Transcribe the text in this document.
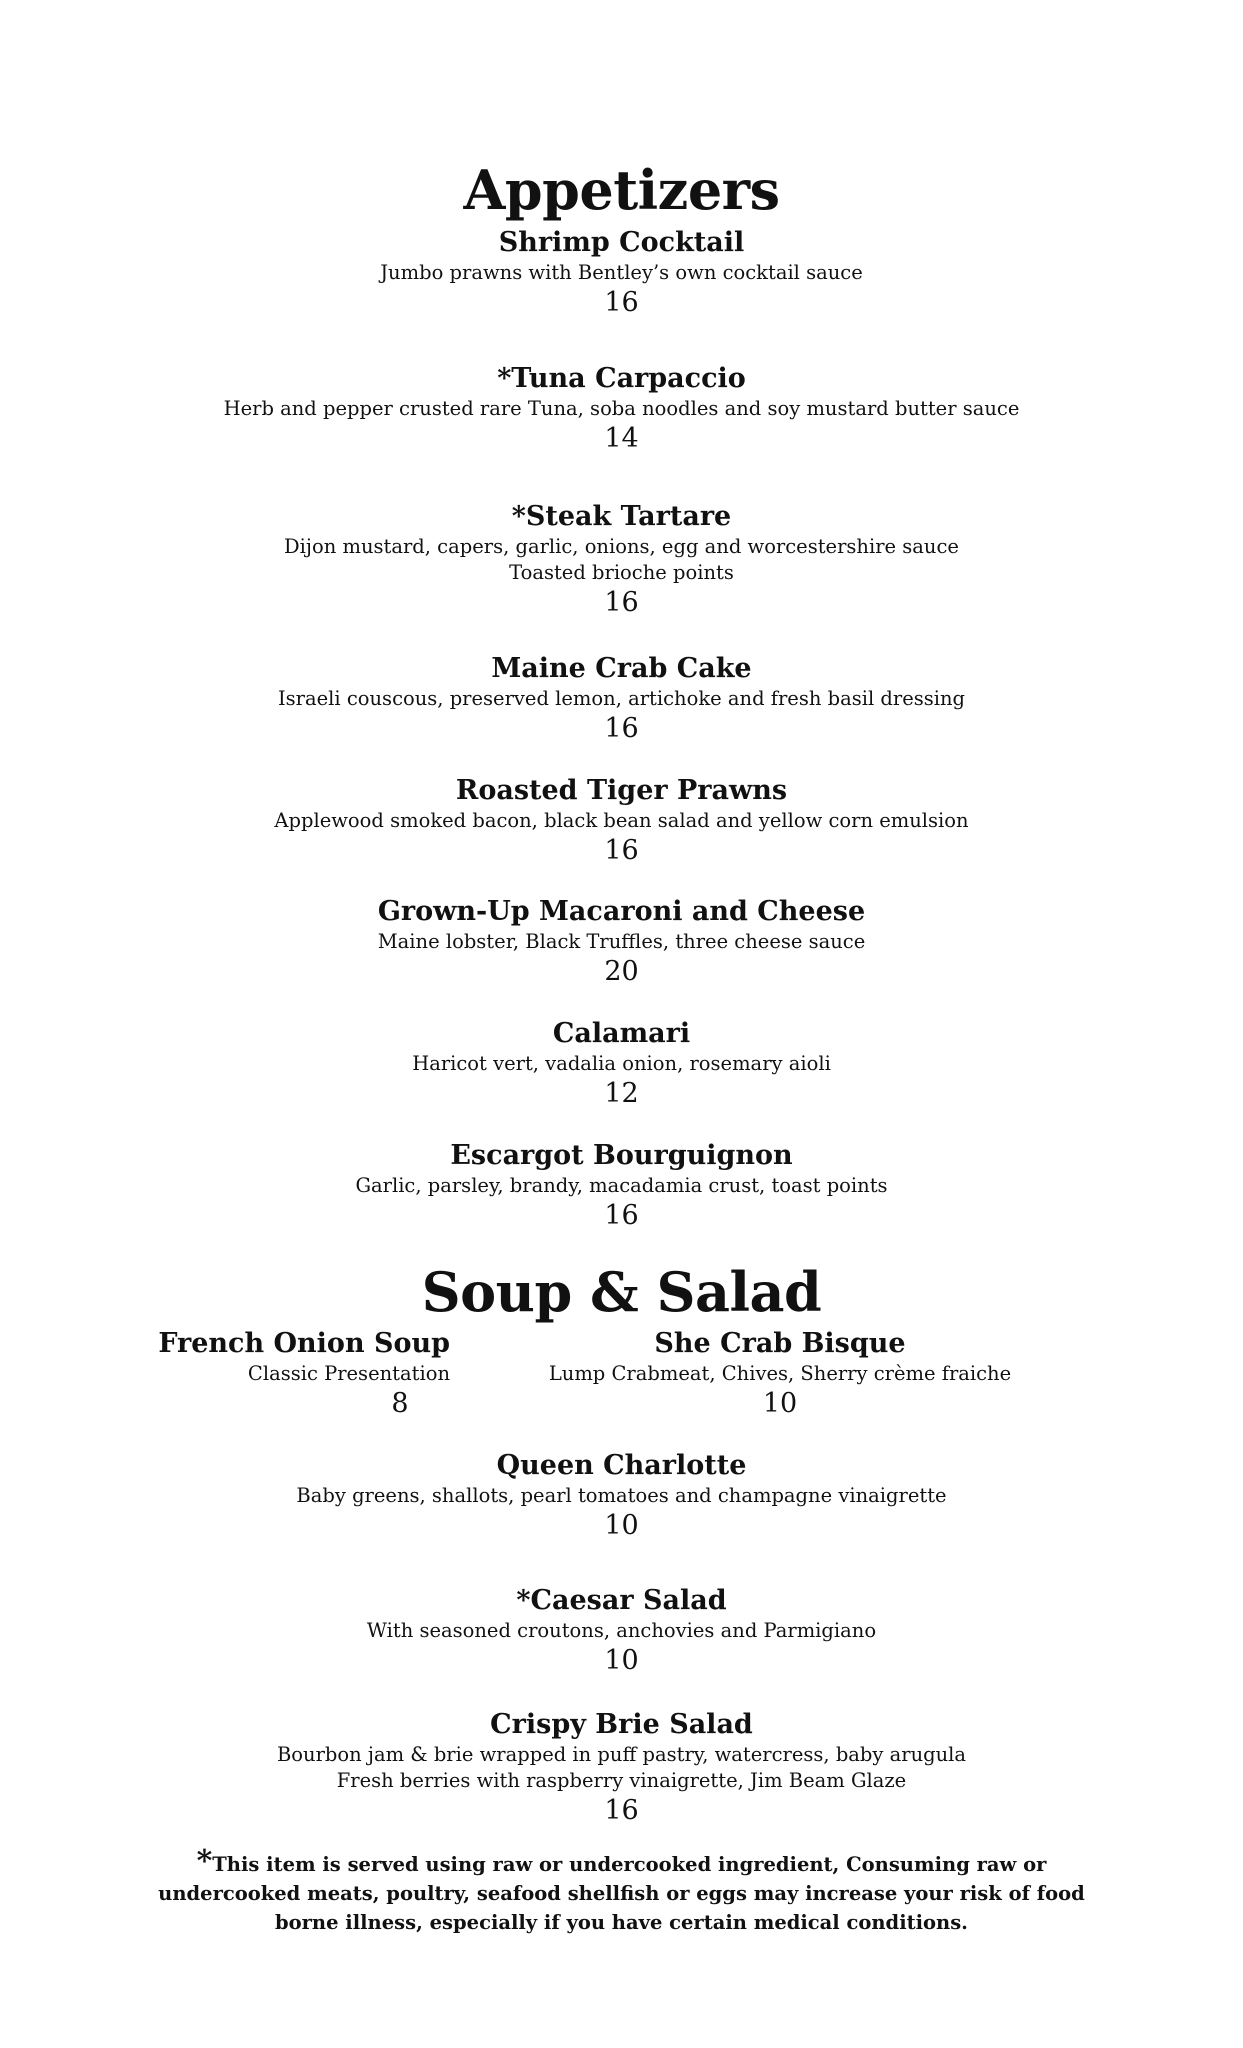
Appetizers
Shrimp Cocktail
Jumbo prawns with Bentley’s own cocktail sauce
16
*Tuna Carpaccio
Herb and pepper crusted rare Tuna, soba noodles and soy mustard butter sauce
14
*Steak Tartare
Dijon mustard, capers, garlic, onions, egg and worcestershire sauce
Toasted brioche points
16
Maine Crab Cake
Israeli couscous, preserved lemon, artichoke and fresh basil dressing
16
Roasted Tiger Prawns
Applewood smoked bacon, black bean salad and yellow corn emulsion
16
Grown-Up Macaroni and Cheese
Maine lobster, Black Truffles, three cheese sauce
20
Calamari
Haricot vert, vadalia onion, rosemary aioli
12
Escargot Bourguignon
Garlic, parsley, brandy, macadamia crust, toast points
16
Soup & Salad
French Onion Soup
Classic Presentation
8
She Crab Bisque
Lump Crabmeat, Chives, Sherry crème fraiche
10
Queen Charlotte
Baby greens, shallots, pearl tomatoes and champagne vinaigrette
10
*Caesar Salad
With seasoned croutons, anchovies and Parmigiano
10
Crispy Brie Salad
Bourbon jam & brie wrapped in puff pastry, watercress, baby arugula
Fresh berries with raspberry vinaigrette, Jim Beam Glaze
16
*This item is served using raw or undercooked ingredient, Consuming raw or undercooked meats, poultry, seafood shellfish or eggs may increase your risk of food borne illness, especially if you have certain medical conditions.
